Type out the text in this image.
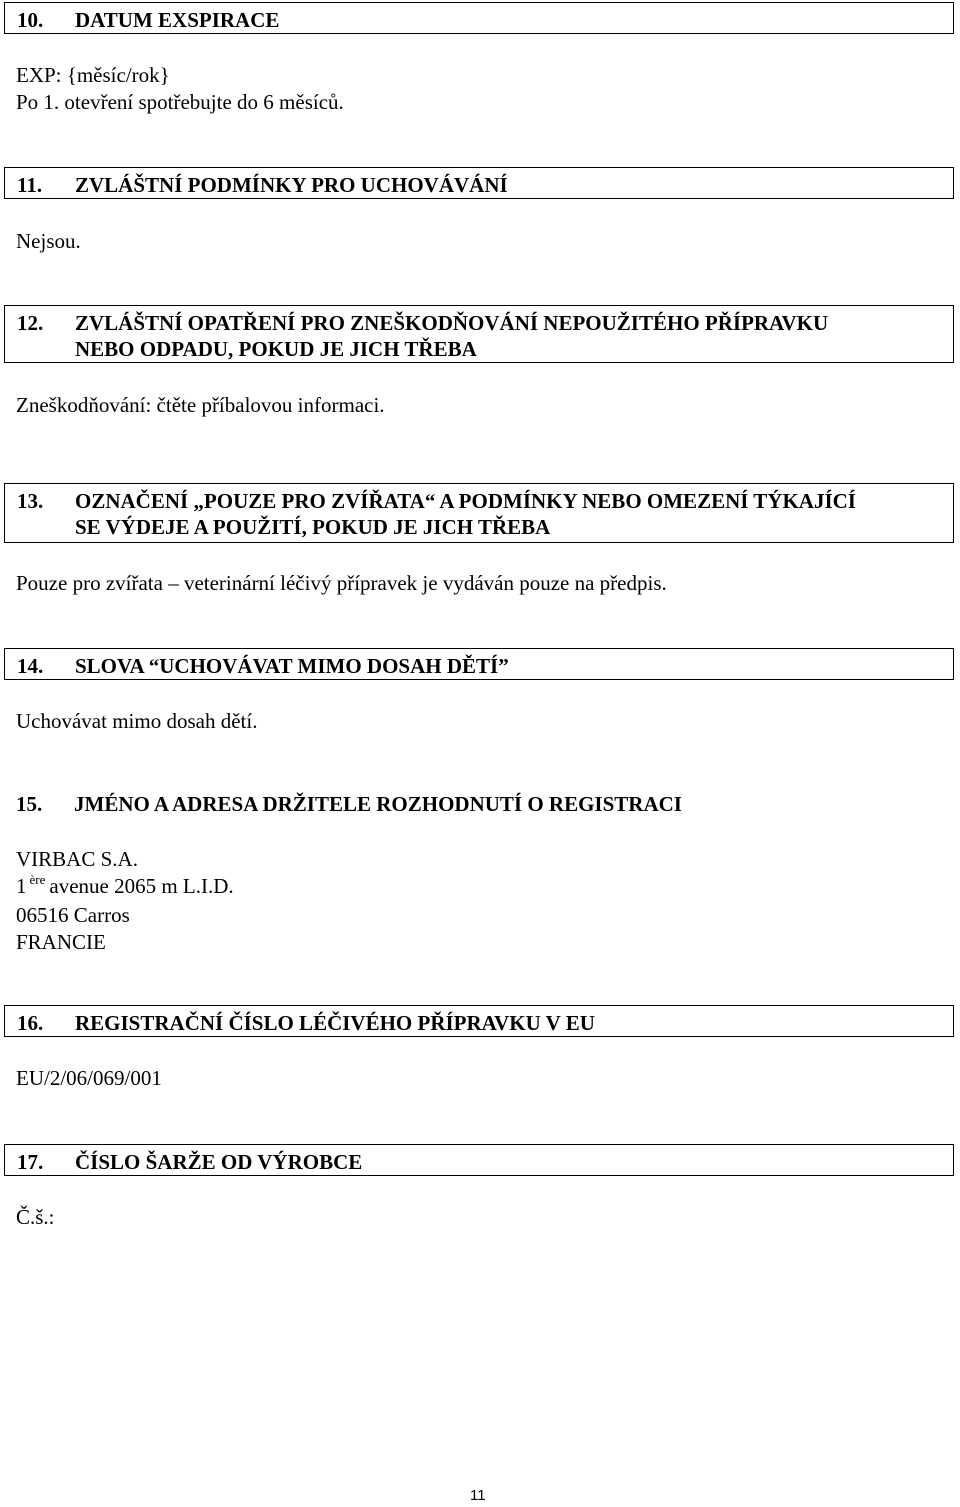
10. DATUM EXSPIRACE
EXP: {měsíc/rok}
Po 1. otevření spotřebujte do 6 měsíců.
11. ZVLÁŠTNÍ PODMÍNKY PRO UCHOVÁVÁNÍ
Nejsou.
12. ZVLÁŠTNÍ OPATŘENÍ PRO ZNEŠKODŇOVÁNÍ NEPOUŽITÉHO PŘÍPRAVKU
NEBO ODPADU, POKUD JE JICH TŘEBA
Zneškodňování: čtěte příbalovou informaci.
13. OZNAČENÍ „POUZE PRO ZVÍŘATA“ A PODMÍNKY NEBO OMEZENÍ TÝKAJÍCÍ
SE VÝDEJE A POUŽITÍ, POKUD JE JICH TŘEBA
Pouze pro zvířata – veterinární léčivý přípravek je vydáván pouze na předpis.
14. SLOVA “UCHOVÁVAT MIMO DOSAH DĚTÍ”
Uchovávat mimo dosah dětí.
15. JMÉNO A ADRESA DRŽITELE ROZHODNUTÍ O REGISTRACI
VIRBAC S.A.
1 $^{ère}$ avenue 2065 m L.I.D.
06516 Carros
FRANCIE
16. REGISTRAČNÍ ČÍSLO LÉČIVÉHO PŘÍPRAVKU V EU
EU/2/06/069/001
17. ČÍSLO ŠARŽE OD VÝROBCE
Č.š.:
11
